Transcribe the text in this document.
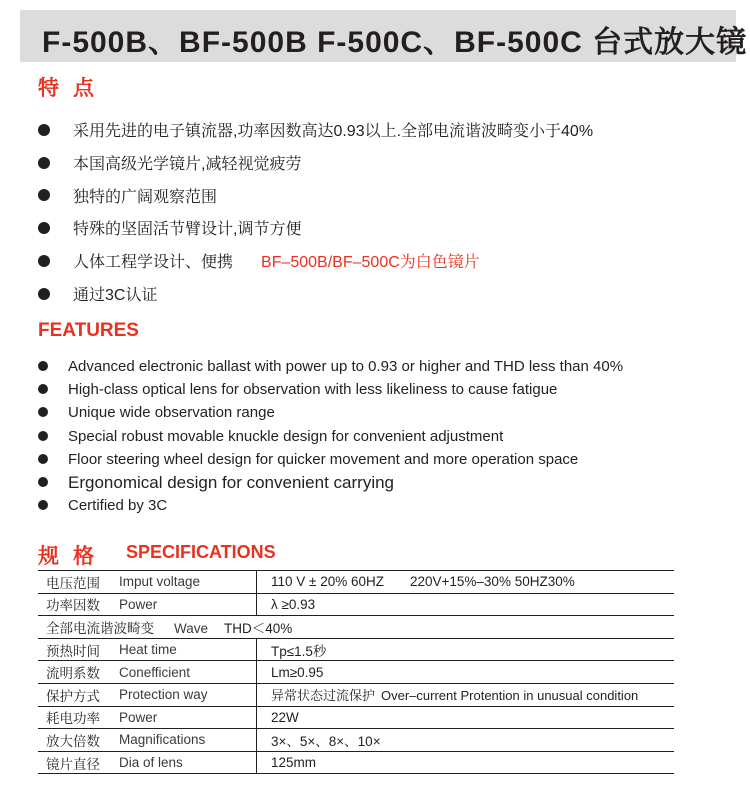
F-500B、BF-500B F-500C、BF-500C 台式放大镜
特点
采用先进的电子镇流器,功率因数高达0.93以上.全部电流谐波畸变小于40%
本国高级光学镜片,减轻视觉疲劳
独特的广阔观察范围
特殊的坚固活节臂设计,调节方便
人体工程学设计、便携 BF–500B/BF–500C为白色镜片
通过3C认证
FEATURES
Advanced electronic ballast with power up to 0.93 or higher and THD less than 40%
High-class optical lens for observation with less likeliness to cause fatigue
Unique wide observation range
Special robust movable knuckle design for convenient adjustment
Floor steering wheel design for quicker movement and more operation space
Ergonomical design for convenient carrying
Certified by 3C
规格 SPECIFICATIONS
电压范围	Imput voltage	110 V ± 20% 60HZ 220V+15%–30% 50HZ30%
功率因数	Power	λ ≥0.93
全部电流谐波畸变 Wave THD＜40%		
预热时间	Heat time	Tp≤1.5秒
流明系数	Conefficient	Lm≥0.95
保护方式	Protection way	异常状态过流保护 Over–current Protention in unusual condition
耗电功率	Power	22W
放大倍数	Magnifications	3×、5×、8×、10×
镜片直径	Dia of lens	125mm
